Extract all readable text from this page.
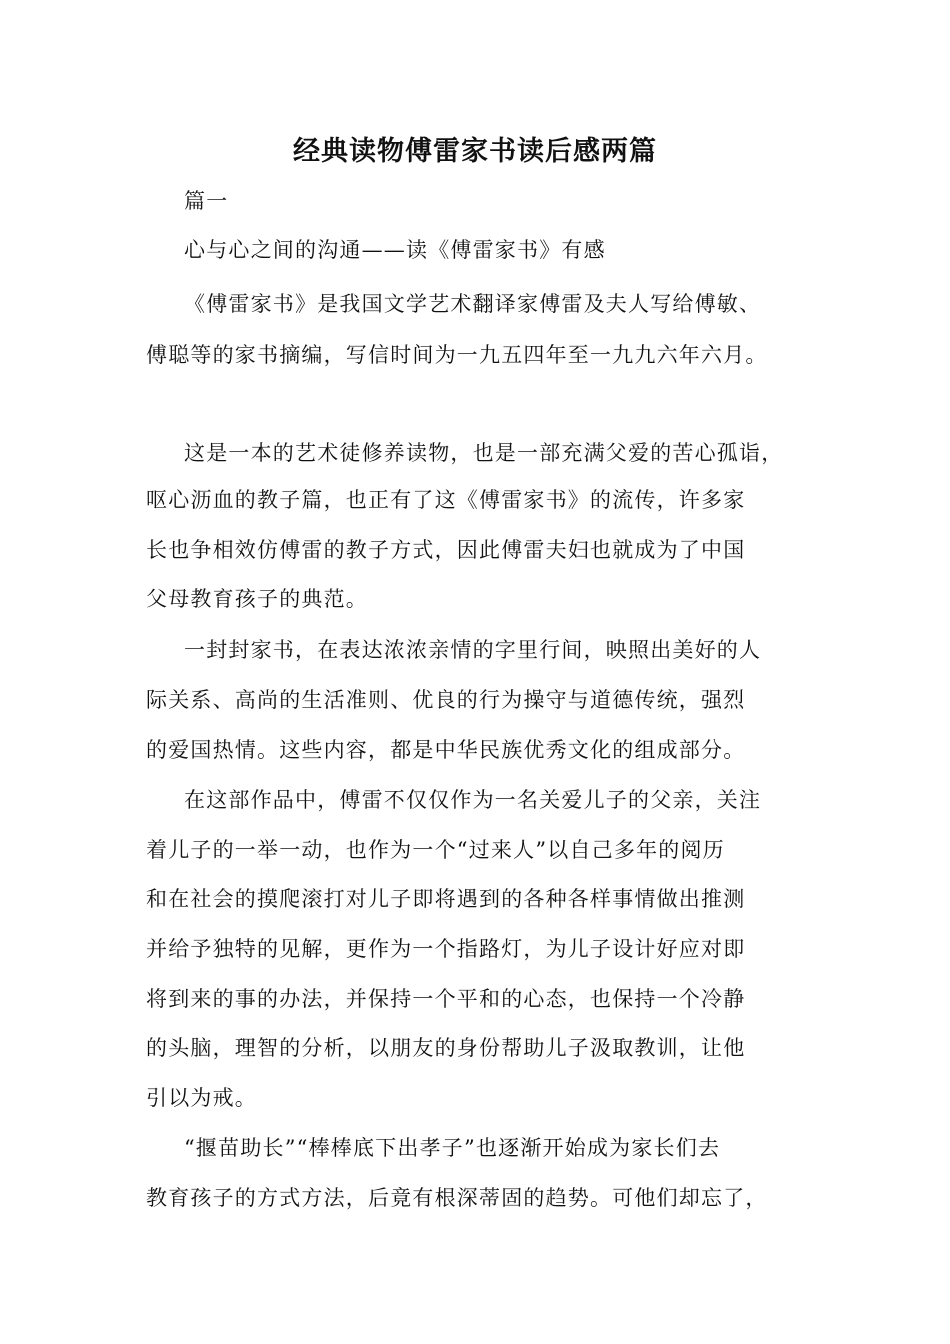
经典读物傅雷家书读后感两篇
篇一
心与心之间的沟通——读《傅雷家书》有感
《傅雷家书》是我国文学艺术翻译家傅雷及夫人写给傅敏、
傅聪等的家书摘编，写信时间为一九五四年至一九九六年六月。
这是一本的艺术徒修养读物，也是一部充满父爱的苦心孤诣，
呕心沥血的教子篇，也正有了这《傅雷家书》的流传，许多家
长也争相效仿傅雷的教子方式，因此傅雷夫妇也就成为了中国
父母教育孩子的典范。
一封封家书，在表达浓浓亲情的字里行间，映照出美好的人
际关系、高尚的生活准则、优良的行为操守与道德传统，强烈
的爱国热情。这些内容，都是中华民族优秀文化的组成部分。
在这部作品中，傅雷不仅仅作为一名关爱儿子的父亲，关注
着儿子的一举一动，也作为一个“过来人”以自己多年的阅历
和在社会的摸爬滚打对儿子即将遇到的各种各样事情做出推测
并给予独特的见解，更作为一个指路灯，为儿子设计好应对即
将到来的事的办法，并保持一个平和的心态，也保持一个冷静
的头脑，理智的分析，以朋友的身份帮助儿子汲取教训，让他
引以为戒。
“揠苗助长”“棒棒底下出孝子”也逐渐开始成为家长们去
教育孩子的方式方法，后竟有根深蒂固的趋势。可他们却忘了，
